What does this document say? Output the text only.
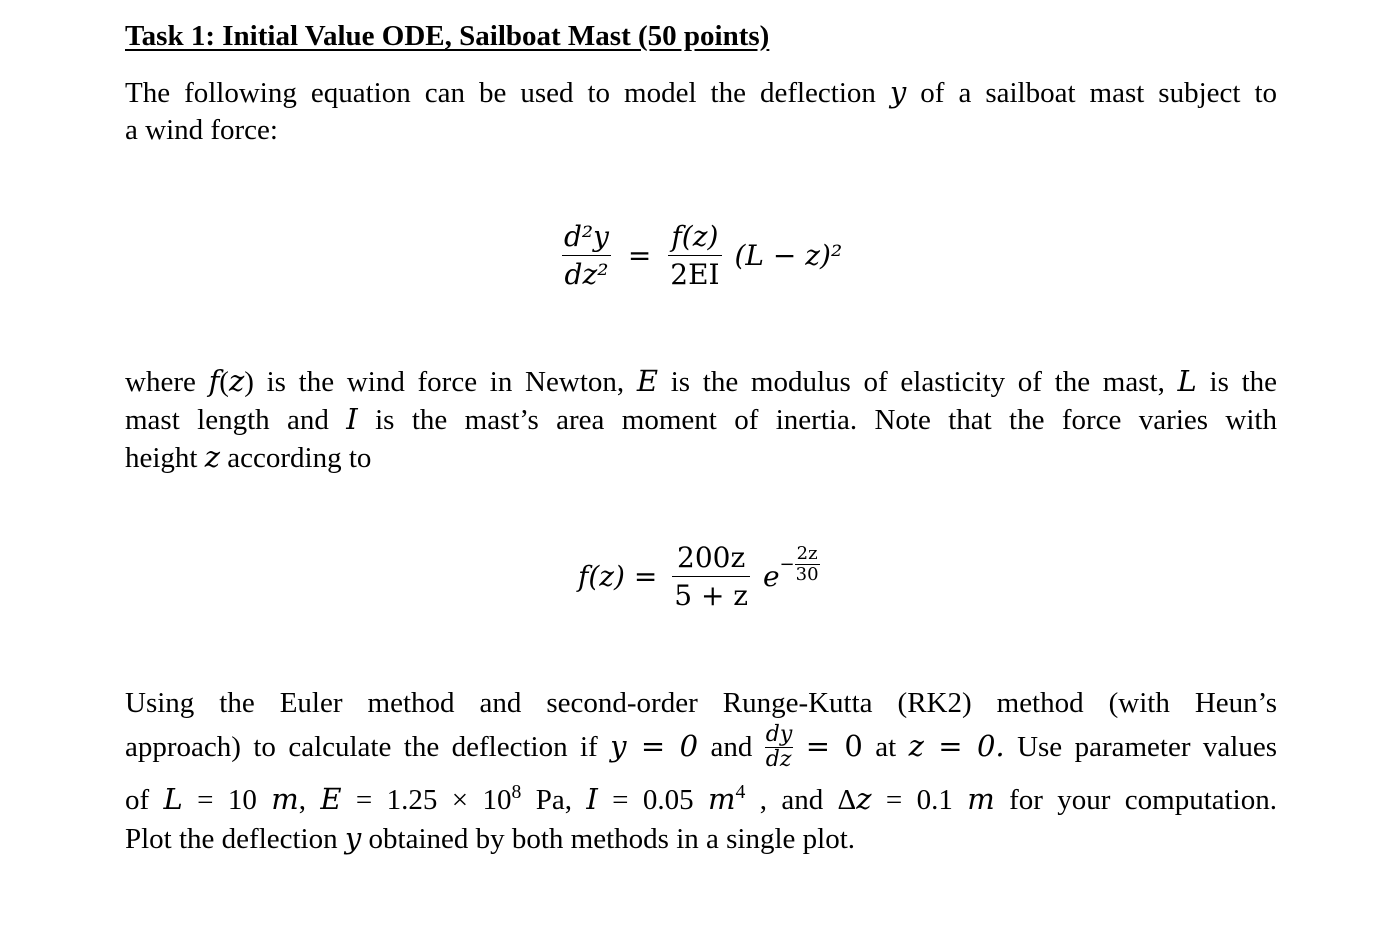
Task 1: Initial Value ODE, Sailboat Mast (50 points)
The following equation can be used to model the deflection y of a sailboat mast subject to
a wind force:
$\frac{\text{d²y}}{\text{dz²}} = \frac{f(z)}{2EI} (L - z)^2$
where f(z) is the wind force in Newton, E is the modulus of elasticity of the mast, L is the
mast length and I is the mast’s area moment of inertia. Note that the force varies with
height z according to
$f(z) = \frac{200z}{5 + z} e- \frac{2z}{30}$
Using the Euler method and second-order Runge-Kutta (RK2) method (with Heun’s
approach) to calculate the deflection if y = 0 and $\frac{dy}{dz} = 0$ at z = 0. Use parameter values
of L = 10 m, $E = 1.25 \times 10^8$ Pa, I = 0.05 $m^4$ , and Δz = 0.1 m for your computation.
Plot the deflection y obtained by both methods in a single plot.
